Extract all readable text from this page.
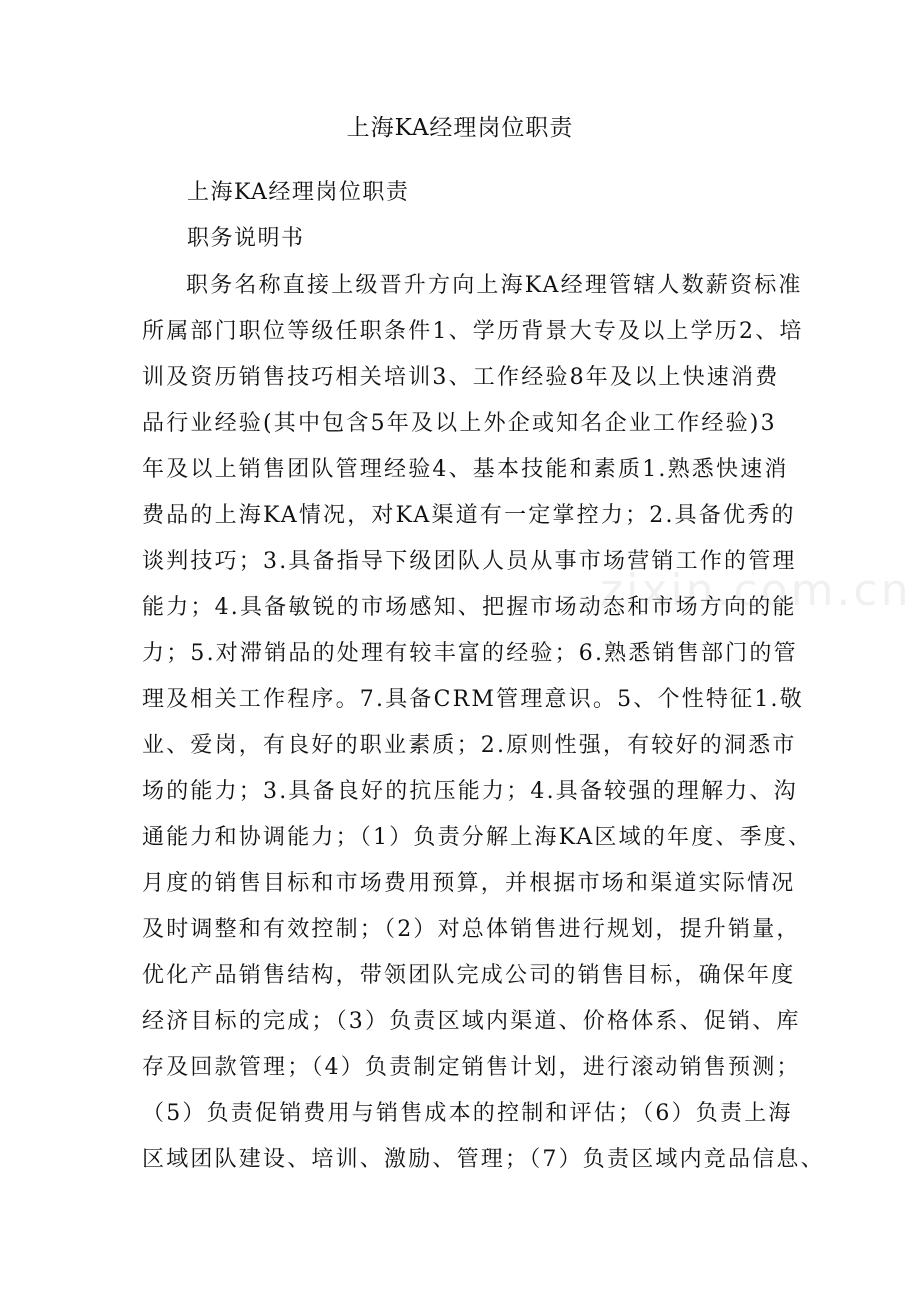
上海KA经理岗位职责
上海KA经理岗位职责
职务说明书
职务名称直接上级晋升方向上海KA经理管辖人数薪资标准
所属部门职位等级任职条件1、学历背景大专及以上学历2、培
训及资历销售技巧相关培训3、工作经验8年及以上快速消费
品行业经验(其中包含5年及以上外企或知名企业工作经验)3
年及以上销售团队管理经验4、基本技能和素质1.熟悉快速消
费品的上海KA情况，对KA渠道有一定掌控力；2.具备优秀的
谈判技巧；3.具备指导下级团队人员从事市场营销工作的管理
能力；4.具备敏锐的市场感知、把握市场动态和市场方向的能
力；5.对滞销品的处理有较丰富的经验；6.熟悉销售部门的管
理及相关工作程序。7.具备CRM管理意识。5、个性特征1.敬
业、爱岗，有良好的职业素质；2.原则性强，有较好的洞悉市
场的能力；3.具备良好的抗压能力；4.具备较强的理解力、沟
通能力和协调能力；（1）负责分解上海KA区域的年度、季度、
月度的销售目标和市场费用预算，并根据市场和渠道实际情况
及时调整和有效控制；（2）对总体销售进行规划，提升销量，
优化产品销售结构，带领团队完成公司的销售目标，确保年度
经济目标的完成；（3）负责区域内渠道、价格体系、促销、库
存及回款管理；（4）负责制定销售计划，进行滚动销售预测；
（5）负责促销费用与销售成本的控制和评估；（6）负责上海
区域团队建设、培训、激励、管理；（7）负责区域内竞品信息、
zixin.com.cn
